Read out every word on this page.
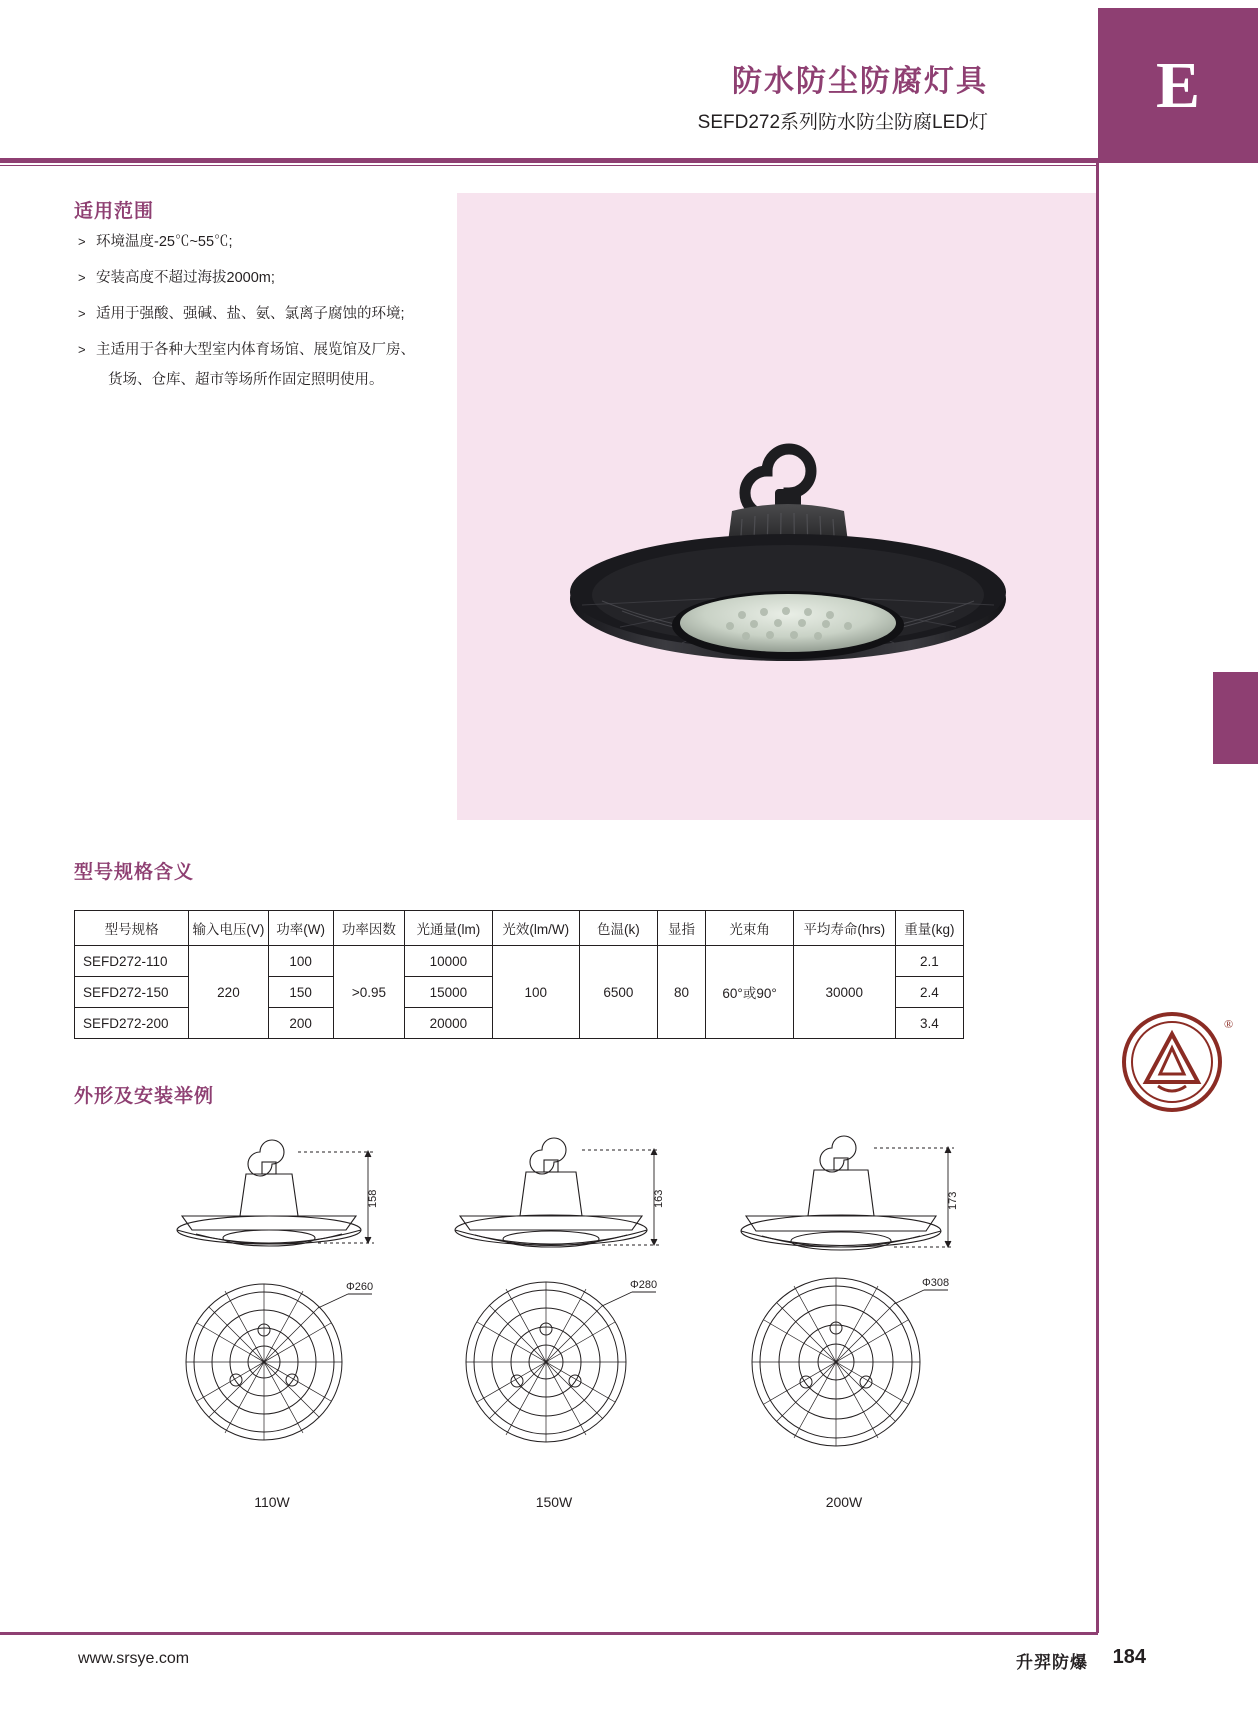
防水防尘防腐灯具
SEFD272系列防水防尘防腐LED灯
E
适用范围
> 环境温度-25℃~55℃;
> 安装高度不超过海拔2000m;
> 适用于强酸、强碱、盐、氨、氯离子腐蚀的环境;
> 主适用于各种大型室内体育场馆、展览馆及厂房、
货场、仓库、超市等场所作固定照明使用。
型号规格含义
型号规格	输入电压(V)	功率(W)	功率因数	光通量(lm)	光效(lm/W)	色温(k)	显指	光束角	平均寿命(hrs)	重量(kg)
SEFD272-110	220	100	>0.95	10000	100	6500	80	60°或90°	30000	2.1
SEFD272-150		150		15000						2.4
SEFD272-200		200		20000						3.4	®
外形及安装举例
158
Φ260
110W
163
Φ280
150W
173
Φ308
200W
www.srsye.com	升羿防爆 184
